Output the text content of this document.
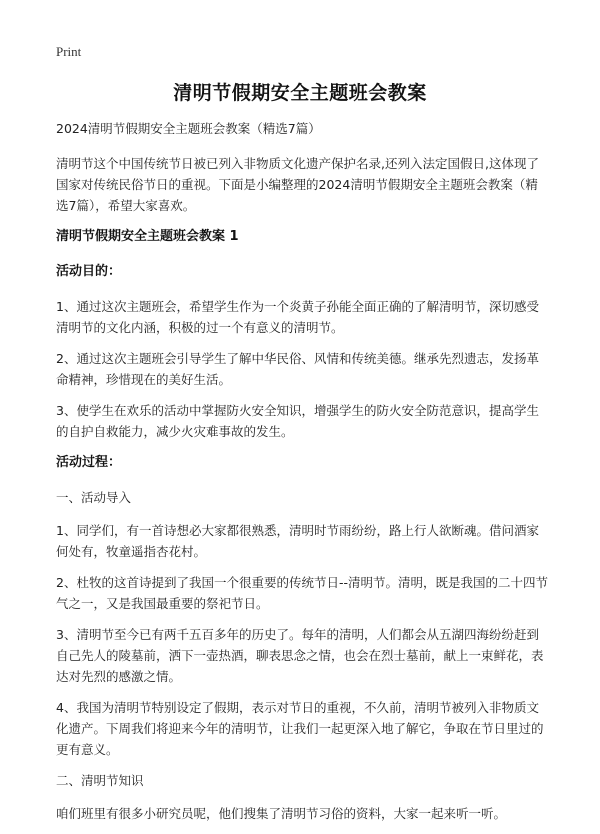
Print
清明节假期安全主题班会教案

2024清明节假期安全主题班会教案（精选7篇）

清明节这个中国传统节日被已列入非物质文化遗产保护名录,还列入法定国假日,这体现了国家对传统民俗节日的重视。下面是小编整理的2024清明节假期安全主题班会教案（精选7篇），希望大家喜欢。

清明节假期安全主题班会教案 1
活动目的：

1、通过这次主题班会，希望学生作为一个炎黄子孙能全面正确的了解清明节，深切感受清明节的文化内涵，积极的过一个有意义的清明节。

2、通过这次主题班会引导学生了解中华民俗、风情和传统美德。继承先烈遗志，发扬革命精神，珍惜现在的美好生活。

3、使学生在欢乐的活动中掌握防火安全知识，增强学生的防火安全防范意识，提高学生的自护自救能力，减少火灾难事故的发生。

活动过程：
一、活动导入

1、同学们，有一首诗想必大家都很熟悉，清明时节雨纷纷，路上行人欲断魂。借问酒家何处有，牧童遥指杏花村。

2、杜牧的这首诗提到了我国一个很重要的传统节日--清明节。清明，既是我国的二十四节气之一，又是我国最重要的祭祀节日。

3、清明节至今已有两千五百多年的历史了。每年的清明，人们都会从五湖四海纷纷赶到自己先人的陵墓前，洒下一壶热酒，聊表思念之情，也会在烈士墓前，献上一束鲜花，表达对先烈的感激之情。

4、我国为清明节特别设定了假期，表示对节日的重视，不久前，清明节被列入非物质文化遗产。下周我们将迎来今年的清明节，让我们一起更深入地了解它，争取在节日里过的更有意义。

二、清明节知识

咱们班里有很多小研究员呢，他们搜集了清明节习俗的资料，大家一起来听一听。
